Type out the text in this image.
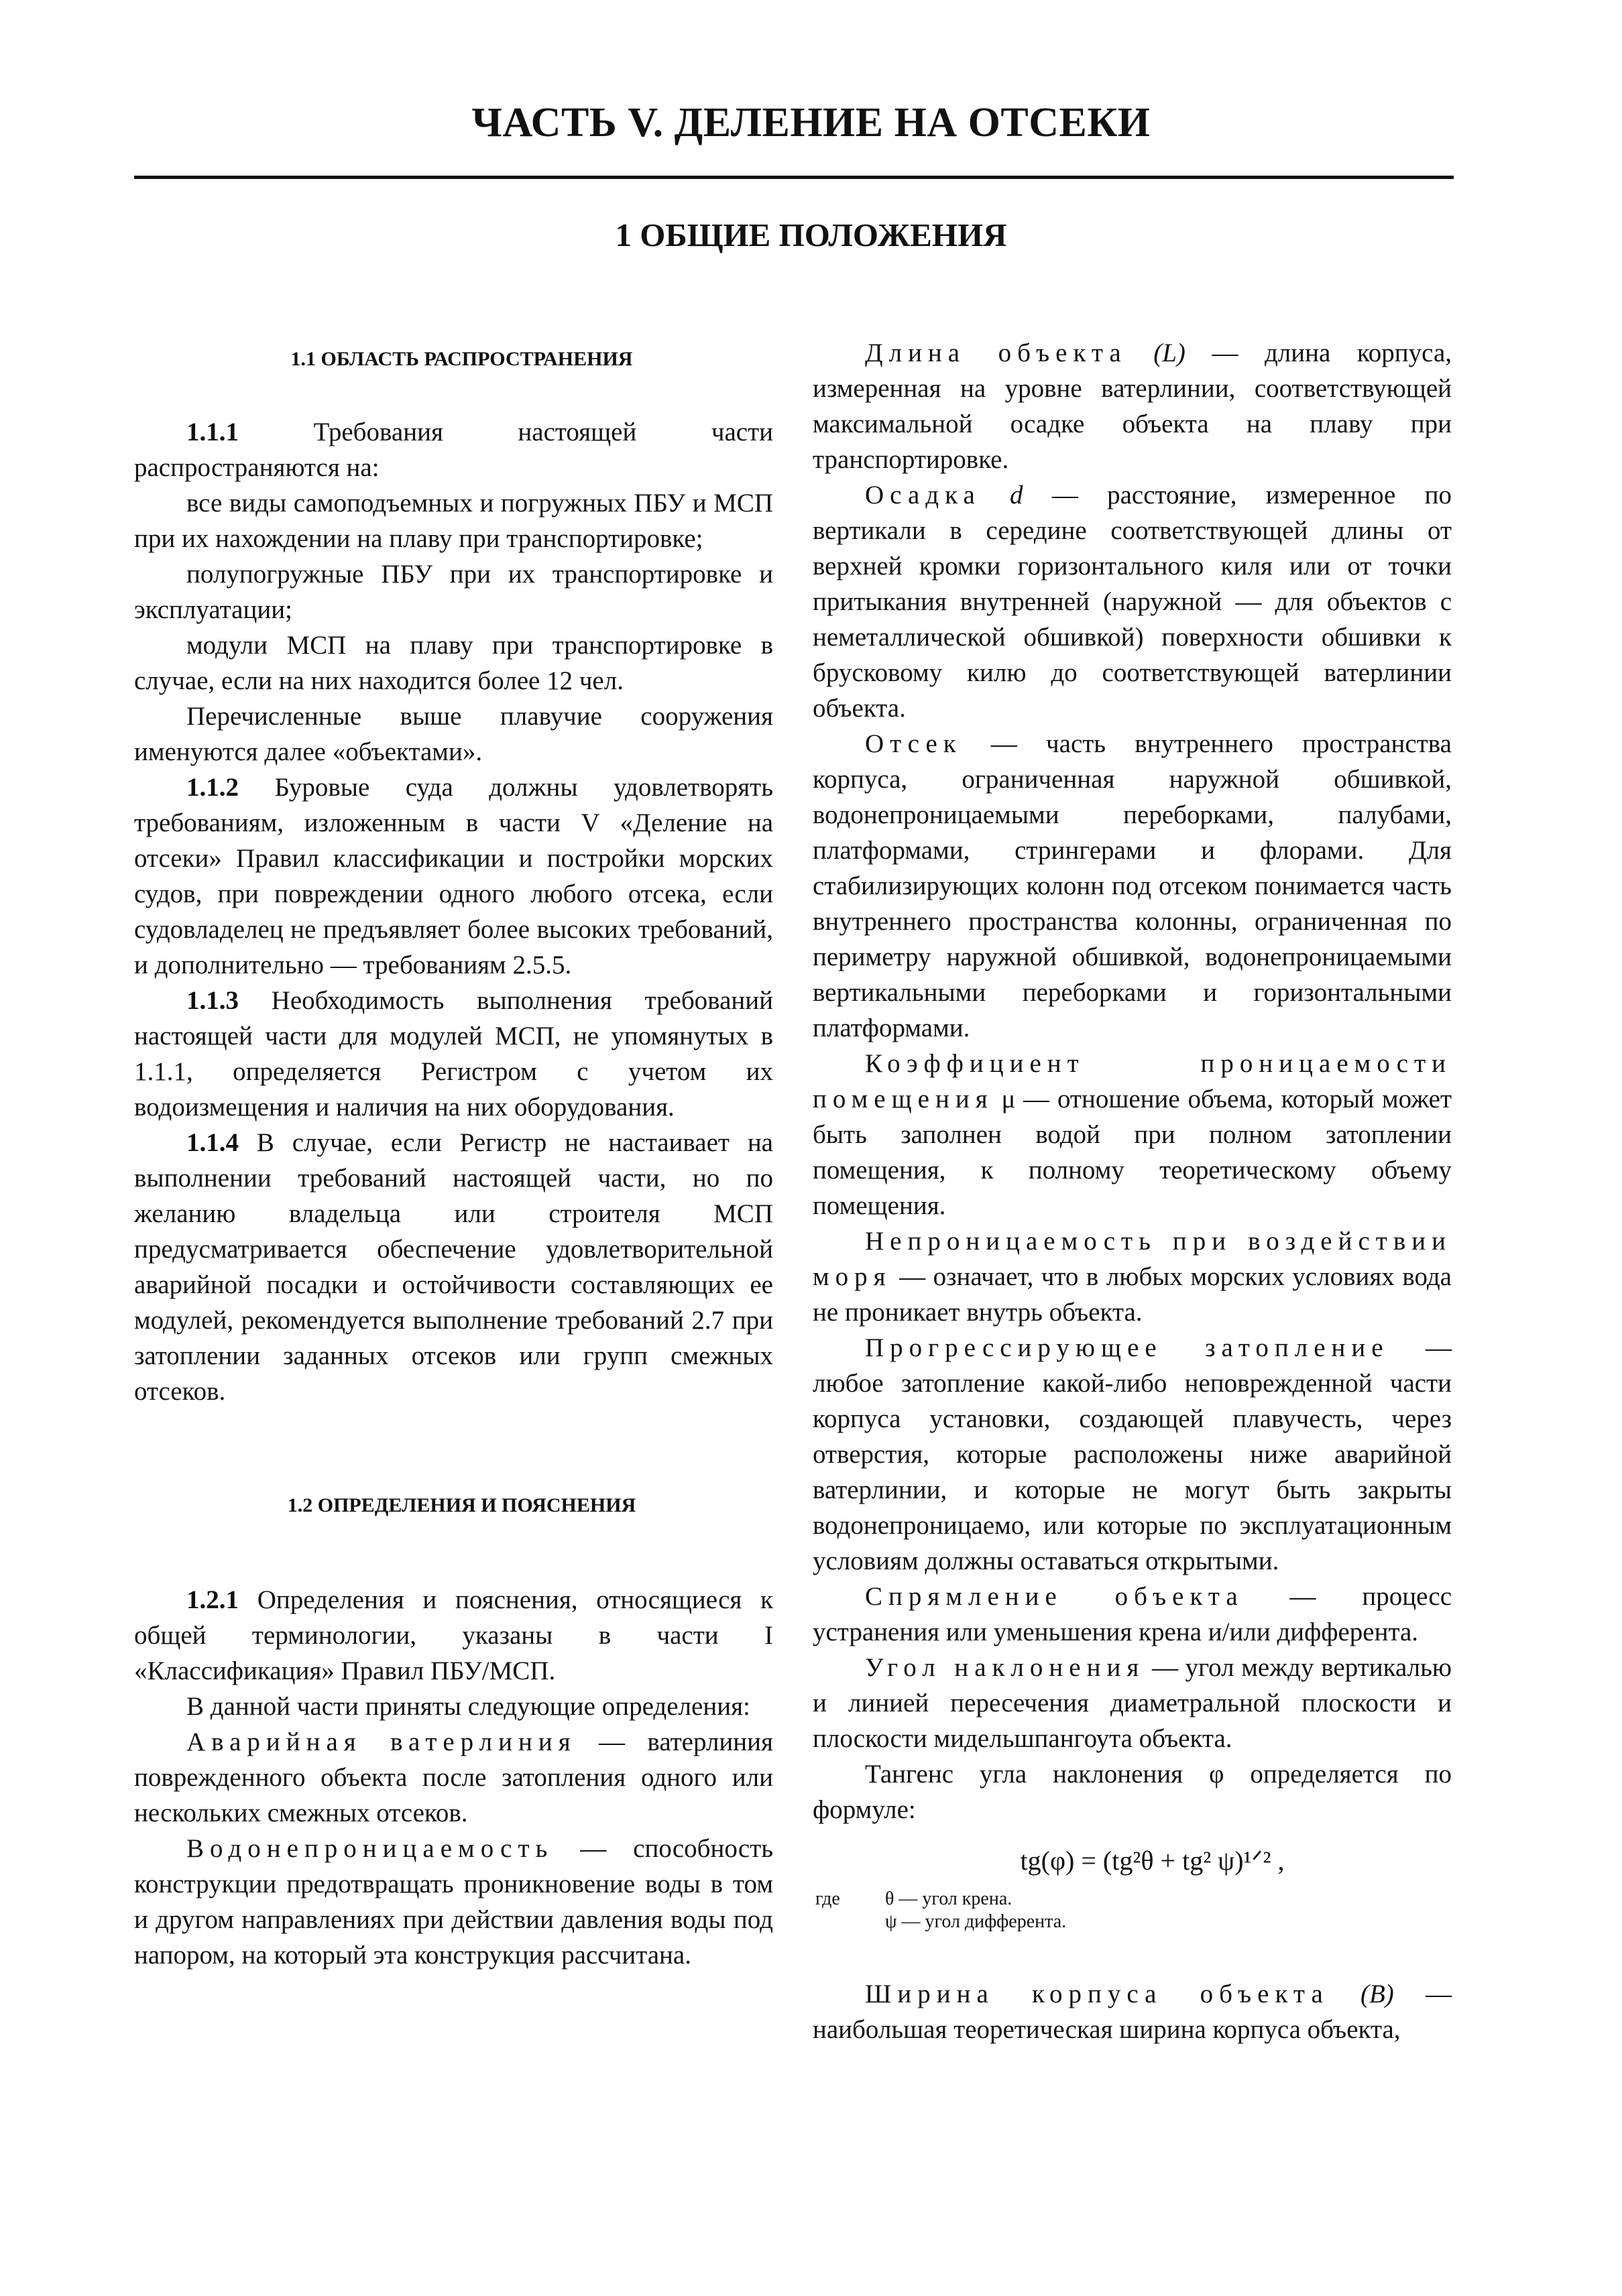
ЧАСТЬ V. ДЕЛЕНИЕ НА ОТСЕКИ
1 ОБЩИЕ ПОЛОЖЕНИЯ
1.1 ОБЛАСТЬ РАСПРОСТРАНЕНИЯ

1.1.1 Требования настоящей части распространяются на:

все виды самоподъемных и погружных ПБУ и МСП при их нахождении на плаву при транспортировке;

полупогружные ПБУ при их транспортировке и эксплуатации;

модули МСП на плаву при транспортировке в случае, если на них находится более 12 чел.

Перечисленные выше плавучие сооружения именуются далее «объектами».

1.1.2 Буровые суда должны удовлетворять требованиям, изложенным в части V «Деление на отсеки» Правил классификации и постройки морских судов, при повреждении одного любого отсека, если судовладелец не предъявляет более высоких требований, и дополнительно — требованиям 2.5.5.

1.1.3 Необходимость выполнения требований настоящей части для модулей МСП, не упомянутых в 1.1.1, определяется Регистром с учетом их водоизмещения и наличия на них оборудования.

1.1.4 В случае, если Регистр не настаивает на выполнении требований настоящей части, но по желанию владельца или строителя МСП предусматривается обеспечение удовлетворительной аварийной посадки и остойчивости составляющих ее модулей, рекомендуется выполнение требований 2.7 при затоплении заданных отсеков или групп смежных отсеков.

1.2 ОПРЕДЕЛЕНИЯ И ПОЯСНЕНИЯ

1.2.1 Определения и пояснения, относящиеся к общей терминологии, указаны в части I «Классификация» Правил ПБУ/МСП.

В данной части приняты следующие определения:

Аварийная ватерлиния — ватерлиния поврежденного объекта после затопления одного или нескольких смежных отсеков.

Водонепроницаемость — способность конструкции предотвращать проникновение воды в том и другом направлениях при действии давления воды под напором, на который эта конструкция рассчитана.

Длина объекта (L) — длина корпуса, измеренная на уровне ватерлинии, соответствующей максимальной осадке объекта на плаву при транспортировке.

Осадка d — расстояние, измеренное по вертикали в середине соответствующей длины от верхней кромки горизонтального киля или от точки притыкания внутренней (наружной — для объектов с неметаллической обшивкой) поверхности обшивки к брусковому килю до соответствующей ватерлинии объекта.

Отсек — часть внутреннего пространства корпуса, ограниченная наружной обшивкой, водонепроницаемыми переборками, палубами, платформами, стрингерами и флорами. Для стабилизирующих колонн под отсеком понимается часть внутреннего пространства колонны, ограниченная по периметру наружной обшивкой, водонепроницаемыми вертикальными переборками и горизонтальными платформами.

Коэффициент проницаемости помещения μ — отношение объема, который может быть заполнен водой при полном затоплении помещения, к полному теоретическому объему помещения.

Непроницаемость при воздействии моря — означает, что в любых морских условиях вода не проникает внутрь объекта.

Прогрессирующее затопление — любое затопление какой-либо неповрежденной части корпуса установки, создающей плавучесть, через отверстия, которые расположены ниже аварийной ватерлинии, и которые не могут быть закрыты водонепроницаемо, или которые по эксплуатационным условиям должны оставаться открытыми.

Спрямление объекта — процесс устранения или уменьшения крена и/или дифферента.

Угол наклонения — угол между вертикалью и линией пересечения диаметральной плоскости и плоскости мидельшпангоута объекта.

Тангенс угла наклонения φ определяется по формуле:

tg(φ) = (tg²θ + tg² ψ)¹ᐟ² ,
где θ — угол крена.
ψ — угол дифферента.

Ширина корпуса объекта (B) — наибольшая теоретическая ширина корпуса объекта,
